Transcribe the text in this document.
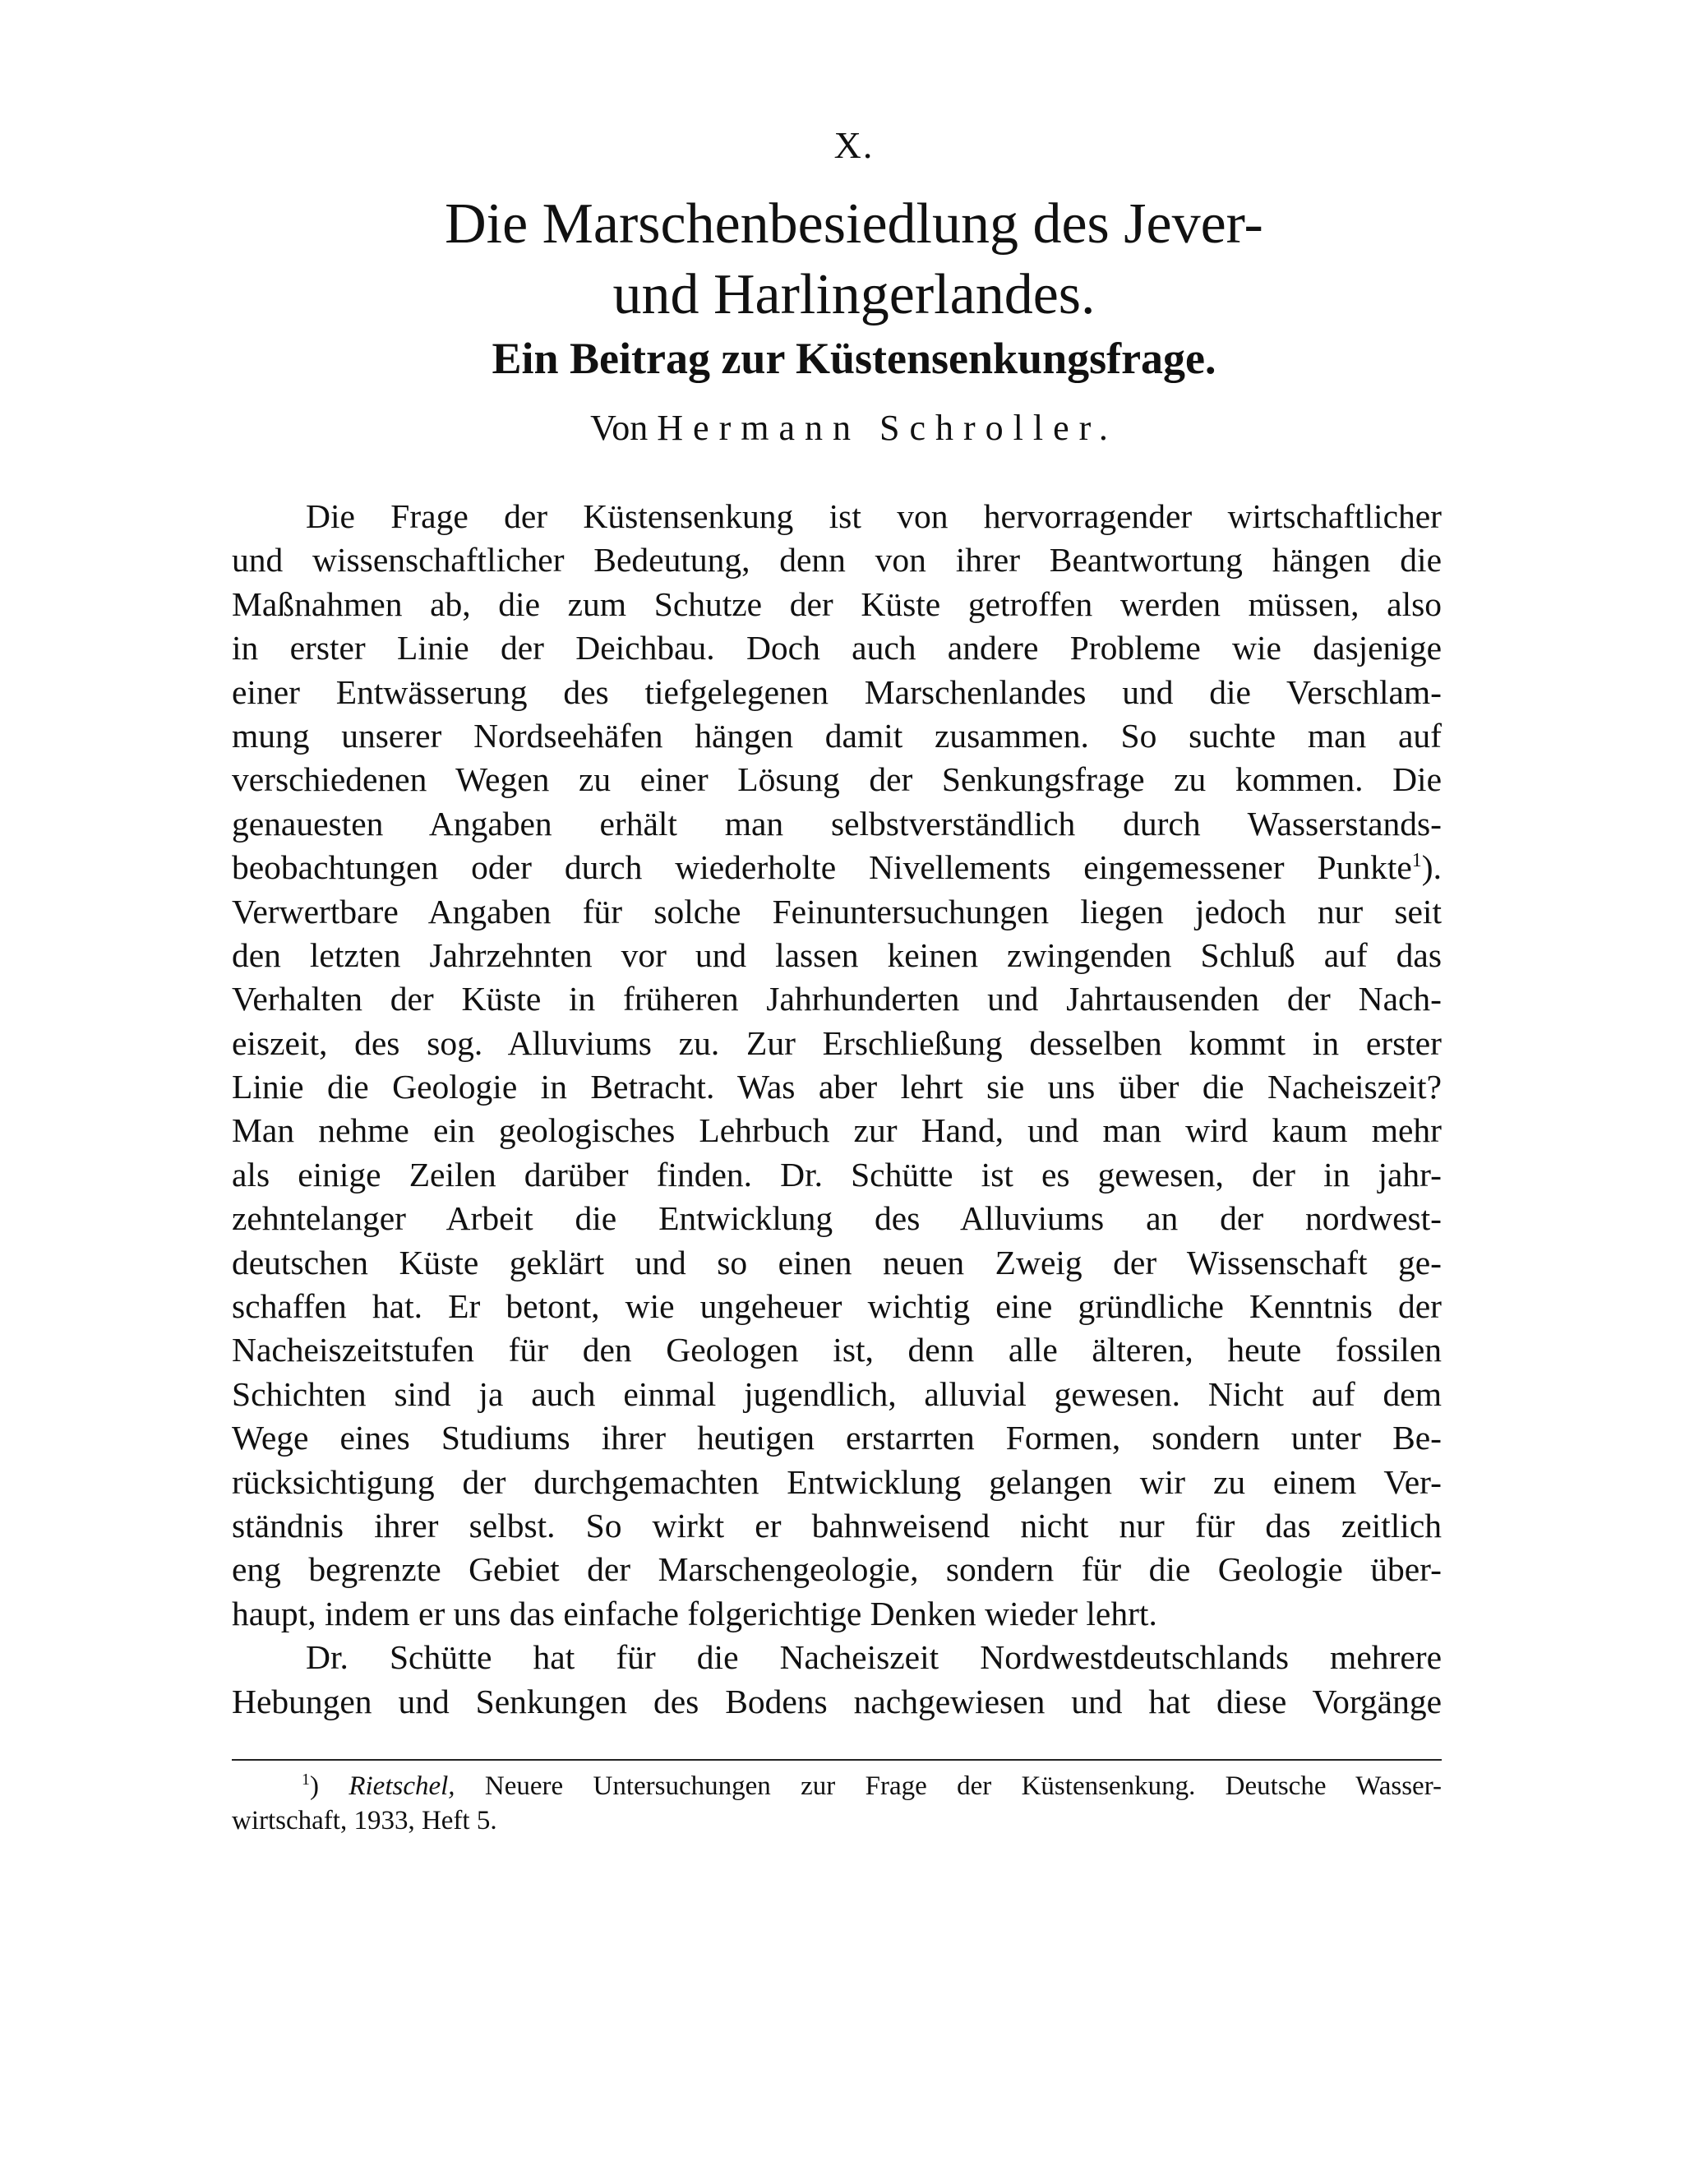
X.
Die Marschenbesiedlung des Jever-
und Harlingerlandes.
Ein Beitrag zur Küstensenkungsfrage.
Von Hermann Schroller.
Die Frage der Küstensenkung ist von hervorragender wirtschaftlicher
und wissenschaftlicher Bedeutung, denn von ihrer Beantwortung hängen die
Maßnahmen ab, die zum Schutze der Küste getroffen werden müssen, also
in erster Linie der Deichbau. Doch auch andere Probleme wie dasjenige
einer Entwässerung des tiefgelegenen Marschenlandes und die Verschlam-
mung unserer Nordseehäfen hängen damit zusammen. So suchte man auf
verschiedenen Wegen zu einer Lösung der Senkungsfrage zu kommen. Die
genauesten Angaben erhält man selbstverständlich durch Wasserstands-
beobachtungen oder durch wiederholte Nivellements eingemessener Punkte$^1$).
Verwertbare Angaben für solche Feinuntersuchungen liegen jedoch nur seit
den letzten Jahrzehnten vor und lassen keinen zwingenden Schluß auf das
Verhalten der Küste in früheren Jahrhunderten und Jahrtausenden der Nach-
eiszeit, des sog. Alluviums zu. Zur Erschließung desselben kommt in erster
Linie die Geologie in Betracht. Was aber lehrt sie uns über die Nacheiszeit?
Man nehme ein geologisches Lehrbuch zur Hand, und man wird kaum mehr
als einige Zeilen darüber finden. Dr. Schütte ist es gewesen, der in jahr-
zehntelanger Arbeit die Entwicklung des Alluviums an der nordwest-
deutschen Küste geklärt und so einen neuen Zweig der Wissenschaft ge-
schaffen hat. Er betont, wie ungeheuer wichtig eine gründliche Kenntnis der
Nacheiszeitstufen für den Geologen ist, denn alle älteren, heute fossilen
Schichten sind ja auch einmal jugendlich, alluvial gewesen. Nicht auf dem
Wege eines Studiums ihrer heutigen erstarrten Formen, sondern unter Be-
rücksichtigung der durchgemachten Entwicklung gelangen wir zu einem Ver-
ständnis ihrer selbst. So wirkt er bahnweisend nicht nur für das zeitlich
eng begrenzte Gebiet der Marschengeologie, sondern für die Geologie über-
haupt, indem er uns das einfache folgerichtige Denken wieder lehrt.
Dr. Schütte hat für die Nacheiszeit Nordwestdeutschlands mehrere
Hebungen und Senkungen des Bodens nachgewiesen und hat diese Vorgänge
$^1$) Rietschel, Neuere Untersuchungen zur Frage der Küstensenkung. Deutsche Wasser-
wirtschaft, 1933, Heft 5.
